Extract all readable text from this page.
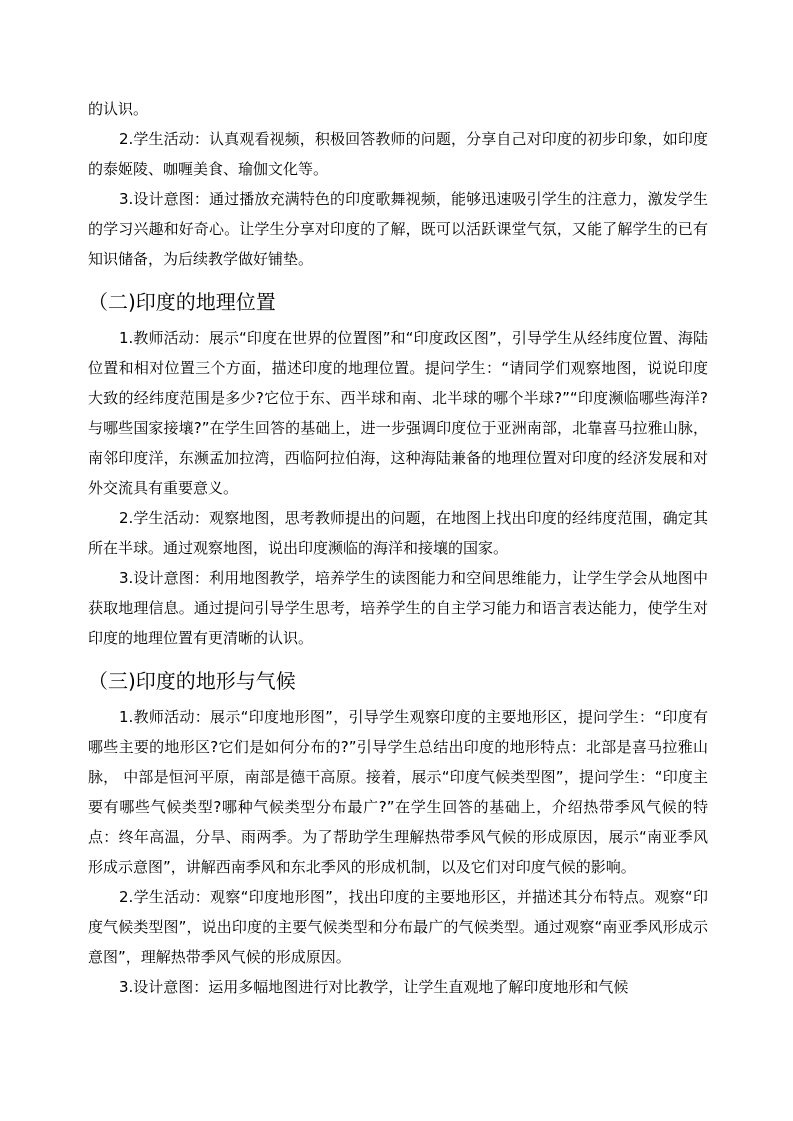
的认识。

2.学生活动：认真观看视频，积极回答教师的问题，分享自己对印度的初步印象，如印度的泰姬陵、咖喱美食、瑜伽文化等。

3.设计意图：通过播放充满特色的印度歌舞视频，能够迅速吸引学生的注意力，激发学生的学习兴趣和好奇心。让学生分享对印度的了解，既可以活跃课堂气氛，又能了解学生的已有知识储备，为后续教学做好铺垫。

（二)印度的地理位置

1.教师活动：展示“印度在世界的位置图”和“印度政区图”，引导学生从经纬度位置、海陆位置和相对位置三个方面，描述印度的地理位置。提问学生：“请同学们观察地图，说说印度大致的经纬度范围是多少?它位于东、西半球和南、北半球的哪个半球?”“印度濒临哪些海洋?与哪些国家接壤?”在学生回答的基础上，进一步强调印度位于亚洲南部，北靠喜马拉雅山脉，南邻印度洋，东濒孟加拉湾，西临阿拉伯海，这种海陆兼备的地理位置对印度的经济发展和对外交流具有重要意义。

2.学生活动：观察地图，思考教师提出的问题，在地图上找出印度的经纬度范围，确定其所在半球。通过观察地图，说出印度濒临的海洋和接壤的国家。

3.设计意图：利用地图教学，培养学生的读图能力和空间思维能力，让学生学会从地图中获取地理信息。通过提问引导学生思考，培养学生的自主学习能力和语言表达能力，使学生对印度的地理位置有更清晰的认识。

（三)印度的地形与气候

1.教师活动：展示“印度地形图”，引导学生观察印度的主要地形区，提问学生：“印度有哪些主要的地形区?它们是如何分布的?”引导学生总结出印度的地形特点：北部是喜马拉雅山脉， 中部是恒河平原，南部是德干高原。接着，展示“印度气候类型图”，提问学生：“印度主要有哪些气候类型?哪种气候类型分布最广?”在学生回答的基础上，介绍热带季风气候的特点：终年高温，分旱、雨两季。为了帮助学生理解热带季风气候的形成原因，展示“南亚季风形成示意图”，讲解西南季风和东北季风的形成机制，以及它们对印度气候的影响。

2.学生活动：观察“印度地形图”，找出印度的主要地形区，并描述其分布特点。观察“印度气候类型图”，说出印度的主要气候类型和分布最广的气候类型。通过观察“南亚季风形成示意图”，理解热带季风气候的形成原因。

3.设计意图：运用多幅地图进行对比教学，让学生直观地了解印度地形和气候
